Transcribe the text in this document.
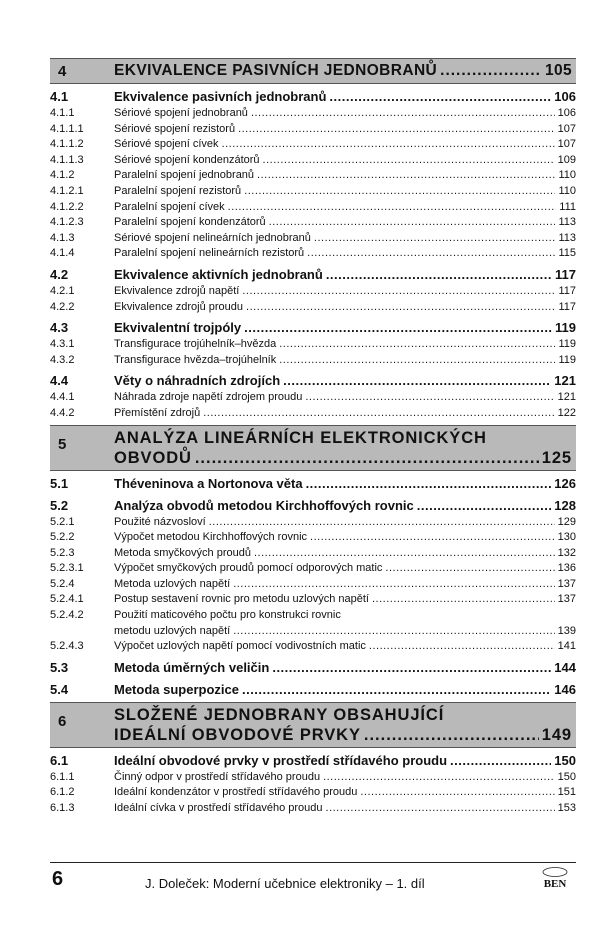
4	EKVIVALENCE PASIVNÍCH JEDNOBRANŮ .....	105
4.1	Ekvivalence pasivních jednobranů .....	106
4.1.1	Sériové spojení jednobranů .....	106
4.1.1.1	Sériové spojení rezistorů .....	107
4.1.1.2	Sériové spojení cívek .....	107
4.1.1.3	Sériové spojení kondenzátorů .....	109
4.1.2	Paralelní spojení jednobranů .....	110
4.1.2.1	Paralelní spojení rezistorů .....	110
4.1.2.2	Paralelní spojení cívek .....	111
4.1.2.3	Paralelní spojení kondenzátorů .....	113
4.1.3	Sériové spojení nelineárních jednobranů .....	113
4.1.4	Paralelní spojení nelineárních rezistorů .....	115
4.2	Ekvivalence aktivních jednobranů .....	117
4.2.1	Ekvivalence zdrojů napětí .....	117
4.2.2	Ekvivalence zdrojů proudu .....	117
4.3	Ekvivalentní trojpóly .....	119
4.3.1	Transfigurace trojúhelník–hvězda .....	119
4.3.2	Transfigurace hvězda–trojúhelník .....	119
4.4	Věty o náhradních zdrojích .....	121
4.4.1	Náhrada zdroje napětí zdrojem proudu .....	121
4.4.2	Přemístění zdrojů .....	122
5	ANALÝZA LINEÁRNÍCH ELEKTRONICKÝCH
OBVODŮ .....	125
5.1	Théveninova a Nortonova věta .....	126
5.2	Analýza obvodů metodou Kirchhoffových rovnic .....	128
5.2.1	Použité názvosloví .....	129
5.2.2	Výpočet metodou Kirchhoffových rovnic .....	130
5.2.3	Metoda smyčkových proudů .....	132
5.2.3.1	Výpočet smyčkových proudů pomocí odporových matic .....	136
5.2.4	Metoda uzlových napětí .....	137
5.2.4.1	Postup sestavení rovnic pro metodu uzlových napětí .....	137
5.2.4.2	Použití maticového počtu pro konstrukci rovnic
metodu uzlových napětí .....	139
5.2.4.3	Výpočet uzlových napětí pomocí vodivostních matic .....	141
5.3	Metoda úměrných veličin .....	144
5.4	Metoda superpozice .....	146
6	SLOŽENÉ JEDNOBRANY OBSAHUJÍCÍ
IDEÁLNÍ OBVODOVÉ PRVKY .....	149
6.1	Ideální obvodové prvky v prostředí střídavého proudu .....	150
6.1.1	Činný odpor v prostředí střídavého proudu .....	150
6.1.2	Ideální kondenzátor v prostředí střídavého proudu .....	151
6.1.3	Ideální cívka v prostředí střídavého proudu .....	153
6	J. Doleček: Moderní učebnice elektroniky – 1. díl	BEN
